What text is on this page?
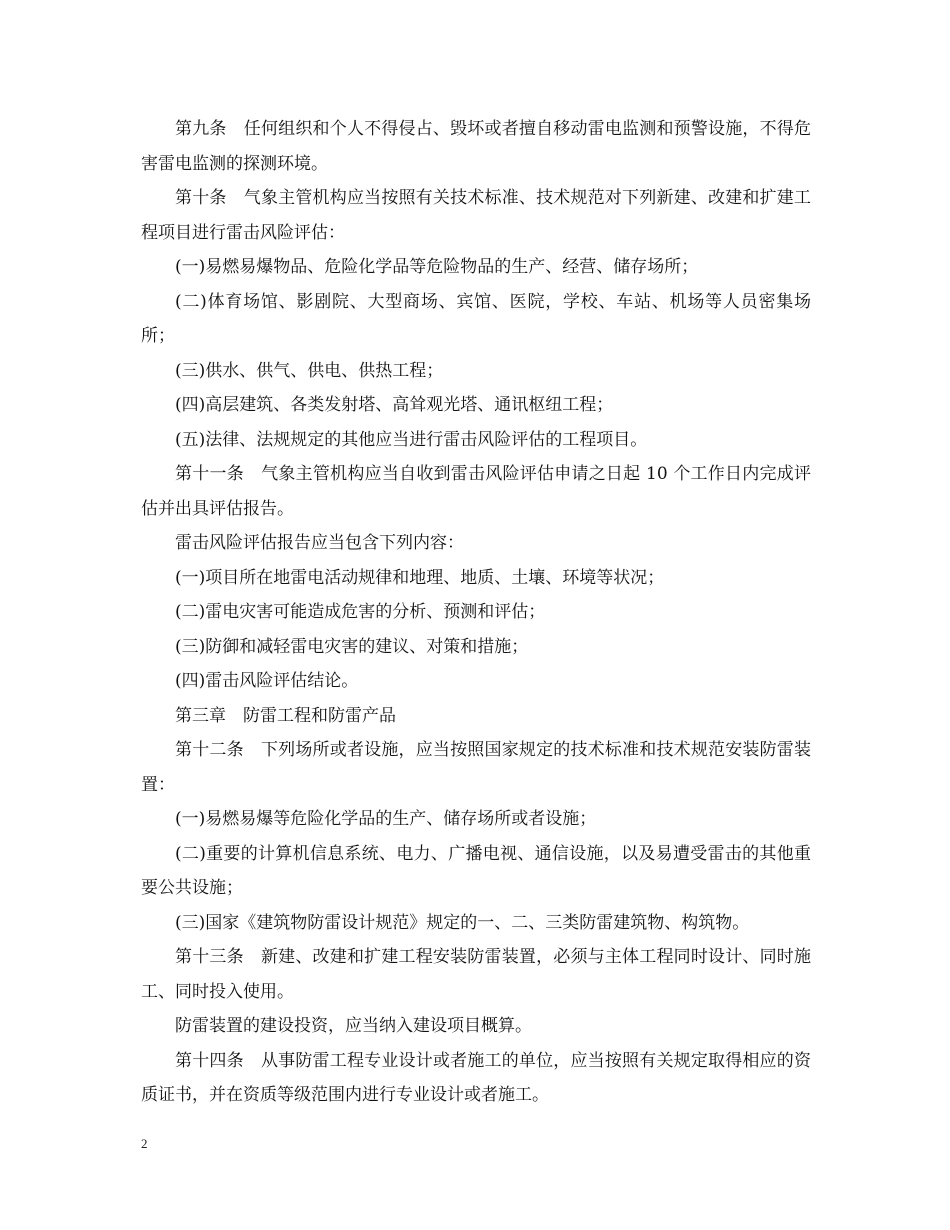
第九条　任何组织和个人不得侵占、毁坏或者擅自移动雷电监测和预警设施，不得危害雷电监测的探测环境。

第十条　气象主管机构应当按照有关技术标准、技术规范对下列新建、改建和扩建工程项目进行雷击风险评估：

(一)易燃易爆物品、危险化学品等危险物品的生产、经营、储存场所；

(二)体育场馆、影剧院、大型商场、宾馆、医院，学校、车站、机场等人员密集场所；

(三)供水、供气、供电、供热工程；

(四)高层建筑、各类发射塔、高耸观光塔、通讯枢纽工程；

(五)法律、法规规定的其他应当进行雷击风险评估的工程项目。

第十一条　气象主管机构应当自收到雷击风险评估申请之日起 10 个工作日内完成评估并出具评估报告。

雷击风险评估报告应当包含下列内容：

(一)项目所在地雷电活动规律和地理、地质、土壤、环境等状况；

(二)雷电灾害可能造成危害的分析、预测和评估；

(三)防御和减轻雷电灾害的建议、对策和措施；

(四)雷击风险评估结论。

第三章　防雷工程和防雷产品

第十二条　下列场所或者设施，应当按照国家规定的技术标准和技术规范安装防雷装置：

(一)易燃易爆等危险化学品的生产、储存场所或者设施；

(二)重要的计算机信息系统、电力、广播电视、通信设施，以及易遭受雷击的其他重要公共设施；

(三)国家《建筑物防雷设计规范》规定的一、二、三类防雷建筑物、构筑物。

第十三条　新建、改建和扩建工程安装防雷装置，必须与主体工程同时设计、同时施工、同时投入使用。

防雷装置的建设投资，应当纳入建设项目概算。

第十四条　从事防雷工程专业设计或者施工的单位，应当按照有关规定取得相应的资质证书，并在资质等级范围内进行专业设计或者施工。

2
